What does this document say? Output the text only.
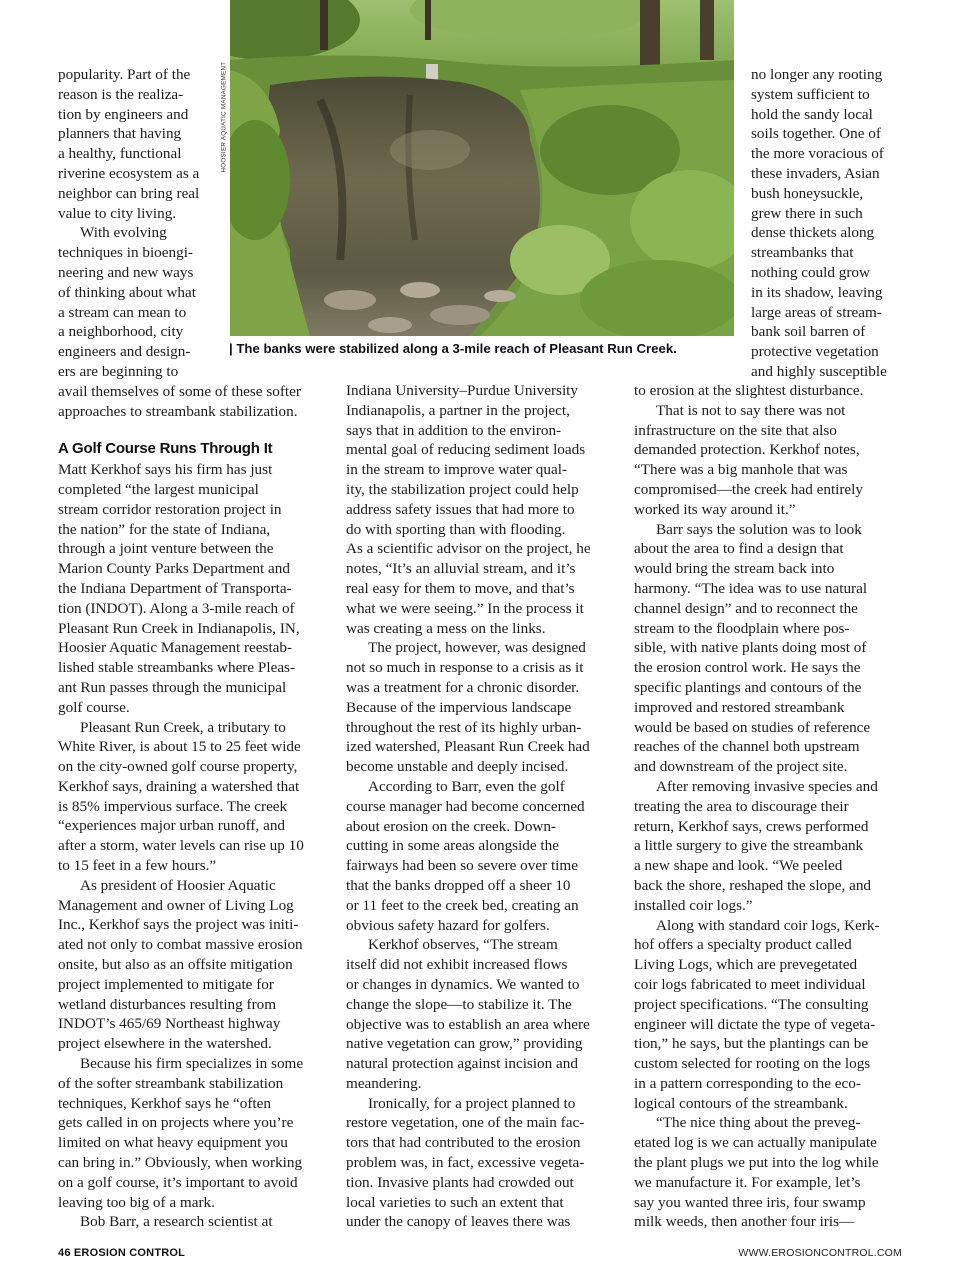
HOOSIER AQUATIC MANAGEMENT
| The banks were stabilized along a 3-mile reach of Pleasant Run Creek.
popularity. Part of the
reason is the realiza-
tion by engineers and
planners that having
a healthy, functional
riverine ecosystem as a
neighbor can bring real
value to city living.
With evolving
techniques in bioengi-
neering and new ways
of thinking about what
a stream can mean to
a neighborhood, city
engineers and design-
ers are beginning to
avail themselves of some of these softer
approaches to streambank stabilization.
A Golf Course Runs Through It
Matt Kerkhof says his firm has just
completed “the largest municipal
stream corridor restoration project in
the nation” for the state of Indiana,
through a joint venture between the
Marion County Parks Department and
the Indiana Department of Transporta-
tion (INDOT). Along a 3-mile reach of
Pleasant Run Creek in Indianapolis, IN,
Hoosier Aquatic Management reestab-
lished stable streambanks where Pleas-
ant Run passes through the municipal
golf course.
Pleasant Run Creek, a tributary to
White River, is about 15 to 25 feet wide
on the city-owned golf course property,
Kerkhof says, draining a watershed that
is 85% impervious surface. The creek
“experiences major urban runoff, and
after a storm, water levels can rise up 10
to 15 feet in a few hours.”
As president of Hoosier Aquatic
Management and owner of Living Log
Inc., Kerkhof says the project was initi-
ated not only to combat massive erosion
onsite, but also as an offsite mitigation
project implemented to mitigate for
wetland disturbances resulting from
INDOT’s 465/69 Northeast highway
project elsewhere in the watershed.
Because his firm specializes in some
of the softer streambank stabilization
techniques, Kerkhof says he “often
gets called in on projects where you’re
limited on what heavy equipment you
can bring in.” Obviously, when working
on a golf course, it’s important to avoid
leaving too big of a mark.
Bob Barr, a research scientist at
Indiana University–Purdue University
Indianapolis, a partner in the project,
says that in addition to the environ-
mental goal of reducing sediment loads
in the stream to improve water qual-
ity, the stabilization project could help
address safety issues that had more to
do with sporting than with flooding.
As a scientific advisor on the project, he
notes, “It’s an alluvial stream, and it’s
real easy for them to move, and that’s
what we were seeing.” In the process it
was creating a mess on the links.
The project, however, was designed
not so much in response to a crisis as it
was a treatment for a chronic disorder.
Because of the impervious landscape
throughout the rest of its highly urban-
ized watershed, Pleasant Run Creek had
become unstable and deeply incised.
According to Barr, even the golf
course manager had become concerned
about erosion on the creek. Down-
cutting in some areas alongside the
fairways had been so severe over time
that the banks dropped off a sheer 10
or 11 feet to the creek bed, creating an
obvious safety hazard for golfers.
Kerkhof observes, “The stream
itself did not exhibit increased flows
or changes in dynamics. We wanted to
change the slope—to stabilize it. The
objective was to establish an area where
native vegetation can grow,” providing
natural protection against incision and
meandering.
Ironically, for a project planned to
restore vegetation, one of the main fac-
tors that had contributed to the erosion
problem was, in fact, excessive vegeta-
tion. Invasive plants had crowded out
local varieties to such an extent that
under the canopy of leaves there was
no longer any rooting
system sufficient to
hold the sandy local
soils together. One of
the more voracious of
these invaders, Asian
bush honeysuckle,
grew there in such
dense thickets along
streambanks that
nothing could grow
in its shadow, leaving
large areas of stream-
bank soil barren of
protective vegetation
and highly susceptible
to erosion at the slightest disturbance.
That is not to say there was not
infrastructure on the site that also
demanded protection. Kerkhof notes,
“There was a big manhole that was
compromised—the creek had entirely
worked its way around it.”
Barr says the solution was to look
about the area to find a design that
would bring the stream back into
harmony. “The idea was to use natural
channel design” and to reconnect the
stream to the floodplain where pos-
sible, with native plants doing most of
the erosion control work. He says the
specific plantings and contours of the
improved and restored streambank
would be based on studies of reference
reaches of the channel both upstream
and downstream of the project site.
After removing invasive species and
treating the area to discourage their
return, Kerkhof says, crews performed
a little surgery to give the streambank
a new shape and look. “We peeled
back the shore, reshaped the slope, and
installed coir logs.”
Along with standard coir logs, Kerk-
hof offers a specialty product called
Living Logs, which are prevegetated
coir logs fabricated to meet individual
project specifications. “The consulting
engineer will dictate the type of vegeta-
tion,” he says, but the plantings can be
custom selected for rooting on the logs
in a pattern corresponding to the eco-
logical contours of the streambank.
“The nice thing about the preveg-
etated log is we can actually manipulate
the plant plugs we put into the log while
we manufacture it. For example, let’s
say you wanted three iris, four swamp
milk weeds, then another four iris—
46 EROSION CONTROL	WWW.EROSIONCONTROL.COM
